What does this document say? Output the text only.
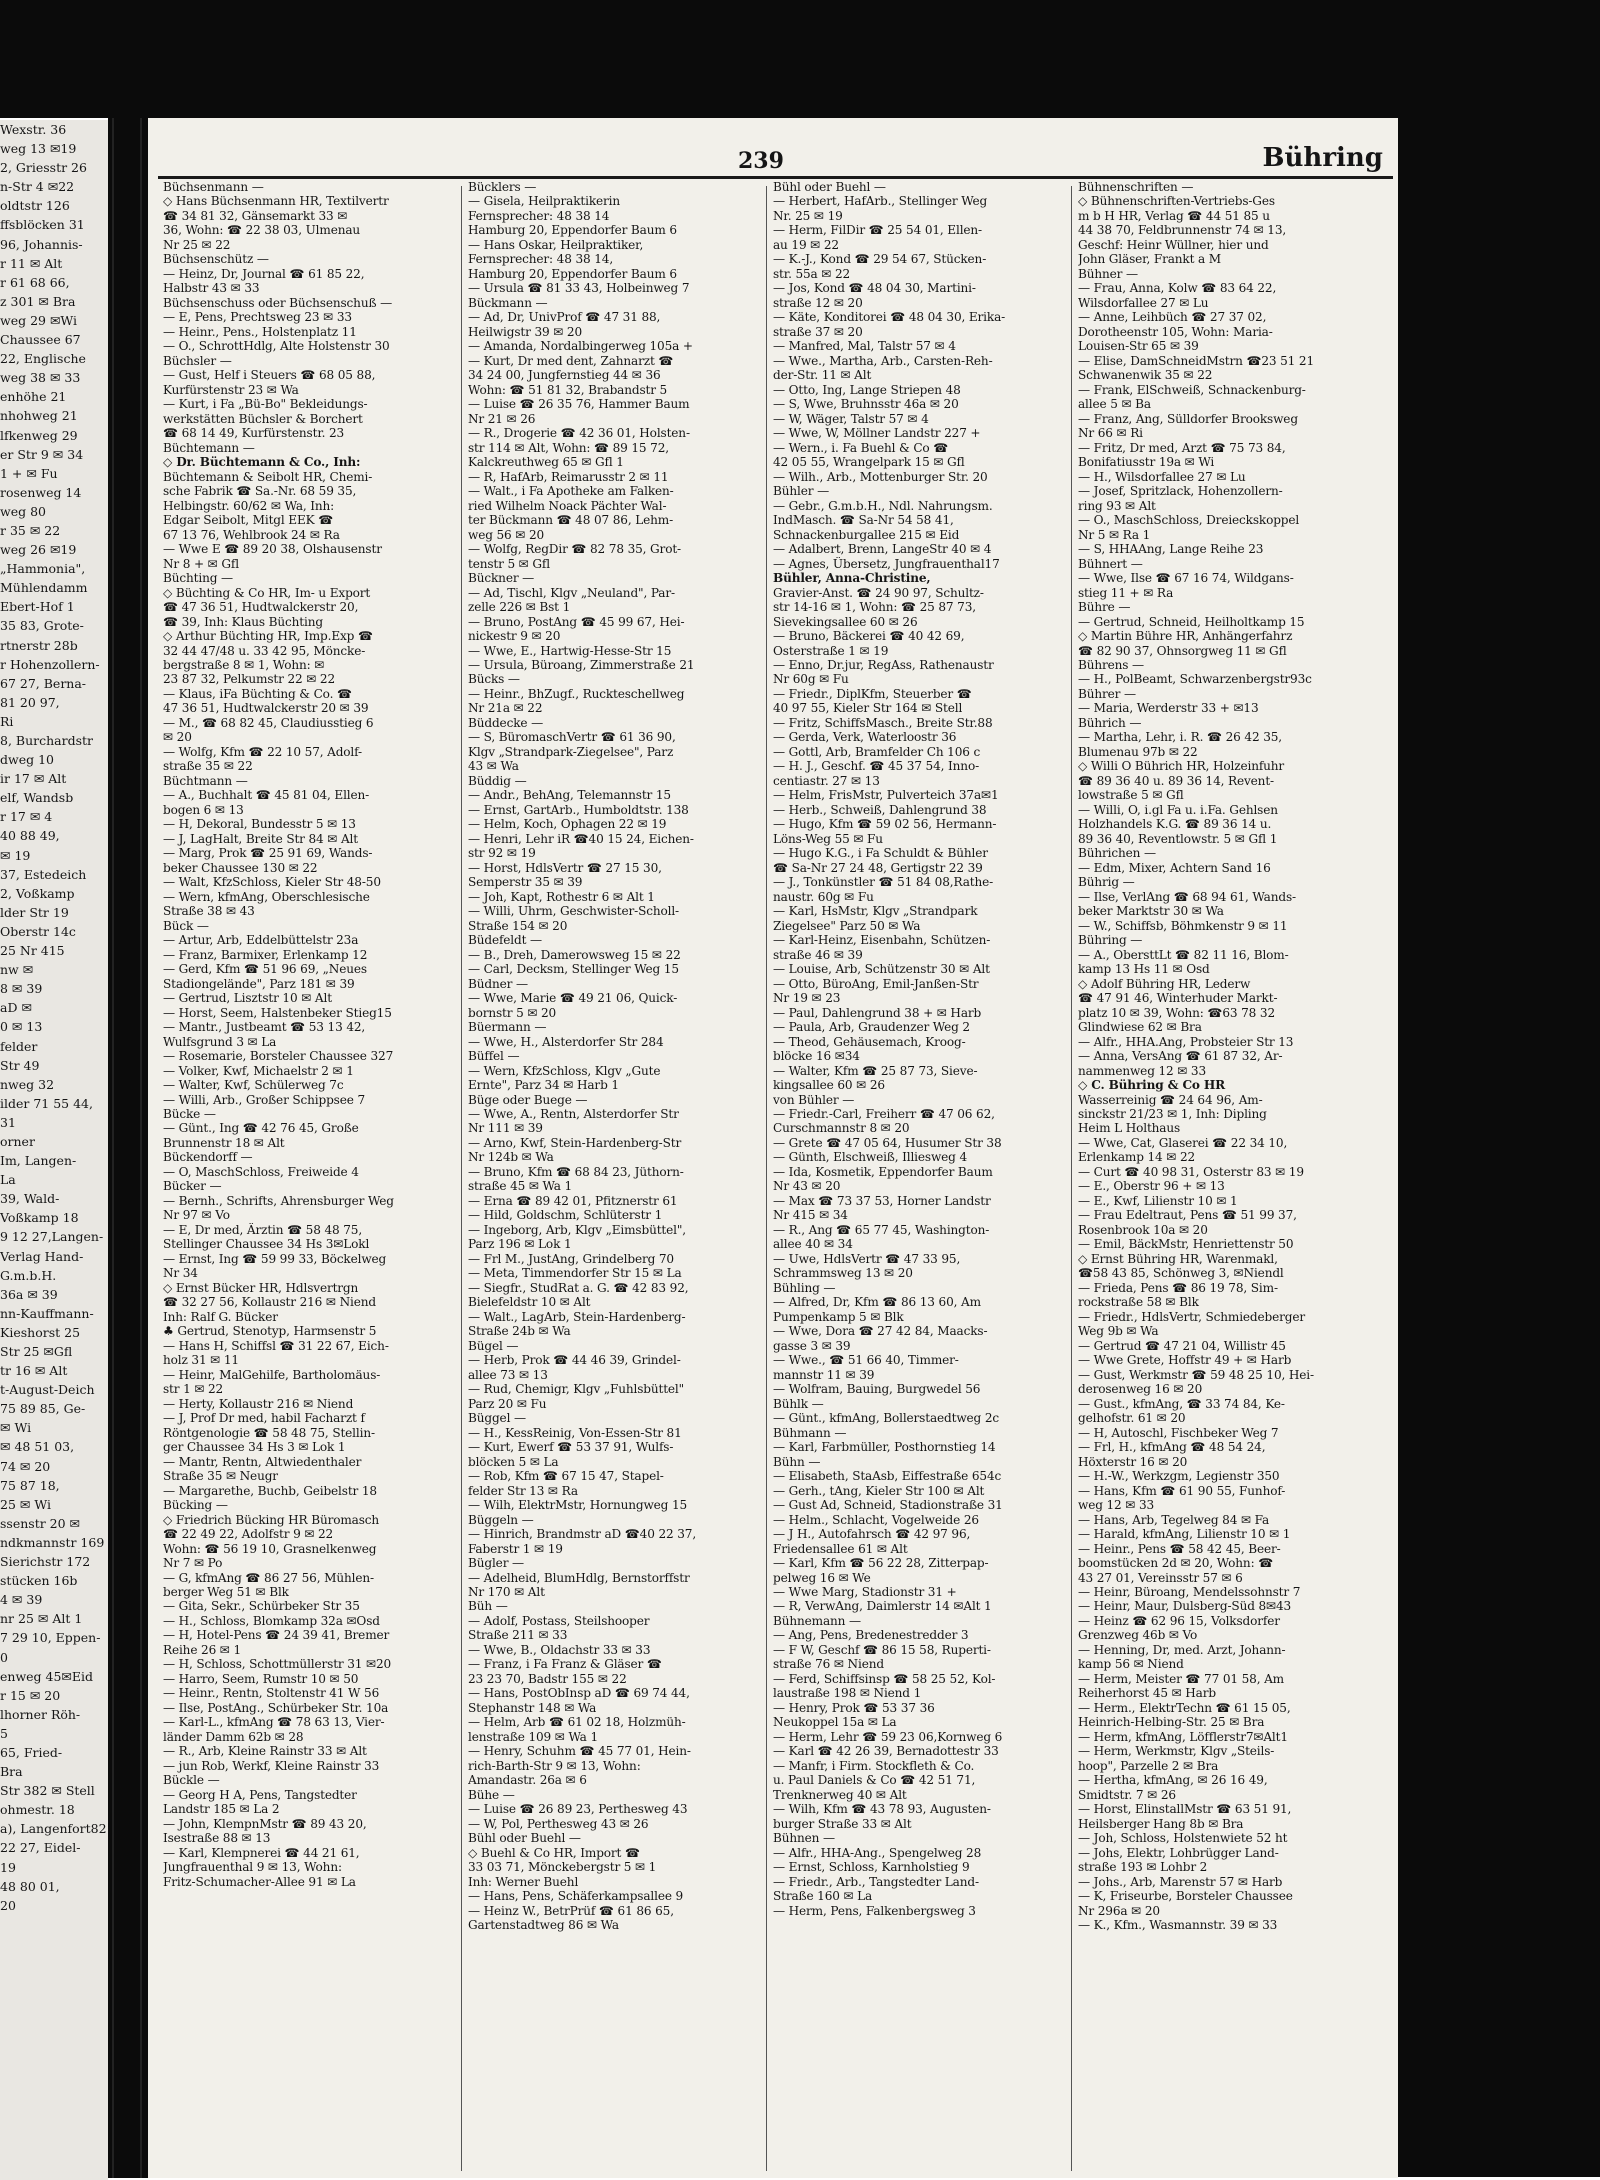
Wexstr. 36
weg 13 ✉19
2, Griesstr 26
n-Str 4 ✉22
oldtstr 126
ffsblöcken 31
96, Johannis-
r 11 ✉ Alt
r 61 68 66,
z 301 ✉ Bra
weg 29 ✉Wi
Chaussee 67
22, Englische
weg 38 ✉ 33
enhöhe 21
nhohweg 21
lfkenweg 29
er Str 9 ✉ 34
1 + ✉ Fu
rosenweg 14
weg 80
r 35 ✉ 22
weg 26 ✉19
„Hammonia",
Mühlendamm
Ebert-Hof 1
35 83, Grote-
rtnerstr 28b
r Hohenzollern-
67 27, Berna-
81 20 97,
Ri
8, Burchardstr
dweg 10
ir 17 ✉ Alt
elf, Wandsb
r 17 ✉ 4
40 88 49,
✉ 19
37, Estedeich
2, Voßkamp
lder Str 19
Oberstr 14c
25 Nr 415
nw ✉
8 ✉ 39
aD ✉
0 ✉ 13
felder
Str 49
nweg 32
ilder 71 55 44,
31
orner
Im, Langen-
La
39, Wald-
Voßkamp 18
9 12 27,Langen-
Verlag Hand-
G.m.b.H.
36a ✉ 39
nn-Kauffmann-
Kieshorst 25
Str 25 ✉Gfl
tr 16 ✉ Alt
t-August-Deich
75 89 85, Ge-
✉ Wi
✉ 48 51 03,
74 ✉ 20
75 87 18,
25 ✉ Wi
ssenstr 20 ✉
ndkmannstr 169
Sierichstr 172
stücken 16b
4 ✉ 39
nr 25 ✉ Alt 1
7 29 10, Eppen-
0
enweg 45✉Eid
r 15 ✉ 20
lhorner Röh-
5
65, Fried-
Bra
Str 382 ✉ Stell
ohmestr. 18
a), Langenfort82
22 27, Eidel-
19
48 80 01,
20
239	Bühring
Büchsenmann —
◇ Hans Büchsenmann HR, Textilvertr
☎ 34 81 32, Gänsemarkt 33 ✉
36, Wohn: ☎ 22 38 03, Ulmenau
Nr 25 ✉ 22
Büchsenschütz —
— Heinz, Dr, Journal ☎ 61 85 22,
Halbstr 43 ✉ 33
Büchsenschuss oder Büchsenschuß —
— E, Pens, Prechtsweg 23 ✉ 33
— Heinr., Pens., Holstenplatz 11
— O., SchrottHdlg, Alte Holstenstr 30
Büchsler —
— Gust, Helf i Steuers ☎ 68 05 88,
Kurfürstenstr 23 ✉ Wa
— Kurt, i Fa „Bü-Bo" Bekleidungs-
werkstätten Büchsler & Borchert
☎ 68 14 49, Kurfürstenstr. 23
Büchtemann —
◇ Dr. Büchtemann & Co., Inh:
Büchtemann & Seibolt HR, Chemi-
sche Fabrik ☎ Sa.-Nr. 68 59 35,
Helbingstr. 60/62 ✉ Wa, Inh:
Edgar Seibolt, Mitgl EEK ☎
67 13 76, Wehlbrook 24 ✉ Ra
— Wwe E ☎ 89 20 38, Olshausenstr
Nr 8 + ✉ Gfl
Büchting —
◇ Büchting & Co HR, Im- u Export
☎ 47 36 51, Hudtwalckerstr 20,
☎ 39, Inh: Klaus Büchting
◇ Arthur Büchting HR, Imp.Exp ☎
32 44 47/48 u. 33 42 95, Möncke-
bergstraße 8 ✉ 1, Wohn: ✉
23 87 32, Pelkumstr 22 ✉ 22
— Klaus, iFa Büchting & Co. ☎
47 36 51, Hudtwalckerstr 20 ✉ 39
— M., ☎ 68 82 45, Claudiusstieg 6
✉ 20
— Wolfg, Kfm ☎ 22 10 57, Adolf-
straße 35 ✉ 22
Büchtmann —
— A., Buchhalt ☎ 45 81 04, Ellen-
bogen 6 ✉ 13
— H, Dekoral, Bundesstr 5 ✉ 13
— J, LagHalt, Breite Str 84 ✉ Alt
— Marg, Prok ☎ 25 91 69, Wands-
beker Chaussee 130 ✉ 22
— Walt, KfzSchloss, Kieler Str 48-50
— Wern, kfmAng, Oberschlesische
Straße 38 ✉ 43
Bück —
— Artur, Arb, Eddelbüttelstr 23a
— Franz, Barmixer, Erlenkamp 12
— Gerd, Kfm ☎ 51 96 69, „Neues
Stadiongelände", Parz 181 ✉ 39
— Gertrud, Lisztstr 10 ✉ Alt
— Horst, Seem, Halstenbeker Stieg15
— Mantr., Justbeamt ☎ 53 13 42,
Wulfsgrund 3 ✉ La
— Rosemarie, Borsteler Chaussee 327
— Volker, Kwf, Michaelstr 2 ✉ 1
— Walter, Kwf, Schülerweg 7c
— Willi, Arb., Großer Schippsee 7
Bücke —
— Günt., Ing ☎ 42 76 45, Große
Brunnenstr 18 ✉ Alt
Bückendorff —
— O, MaschSchloss, Freiweide 4
Bücker —
— Bernh., Schrifts, Ahrensburger Weg
Nr 97 ✉ Vo
— E, Dr med, Ärztin ☎ 58 48 75,
Stellinger Chaussee 34 Hs 3✉Lokl
— Ernst, Ing ☎ 59 99 33, Böckelweg
Nr 34
◇ Ernst Bücker HR, Hdlsvertrgn
☎ 32 27 56, Kollaustr 216 ✉ Niend
Inh: Ralf G. Bücker
♣ Gertrud, Stenotyp, Harmsenstr 5
— Hans H, Schiffsl ☎ 31 22 67, Eich-
holz 31 ✉ 11
— Heinr, MalGehilfe, Bartholomäus-
str 1 ✉ 22
— Herty, Kollaustr 216 ✉ Niend
— J, Prof Dr med, habil Facharzt f
Röntgenologie ☎ 58 48 75, Stellin-
ger Chaussee 34 Hs 3 ✉ Lok 1
— Mantr, Rentn, Altwiedenthaler
Straße 35 ✉ Neugr
— Margarethe, Buchb, Geibelstr 18
Bücking —
◇ Friedrich Bücking HR Büromasch
☎ 22 49 22, Adolfstr 9 ✉ 22
Wohn: ☎ 56 19 10, Grasnelkenweg
Nr 7 ✉ Po
— G, kfmAng ☎ 86 27 56, Mühlen-
berger Weg 51 ✉ Blk
— Gita, Sekr., Schürbeker Str 35
— H., Schloss, Blomkamp 32a ✉Osd
— H, Hotel-Pens ☎ 24 39 41, Bremer
Reihe 26 ✉ 1
— H, Schloss, Schottmüllerstr 31 ✉20
— Harro, Seem, Rumstr 10 ✉ 50
— Heinr., Rentn, Stoltenstr 41 W 56
— Ilse, PostAng., Schürbeker Str. 10a
— Karl-L., kfmAng ☎ 78 63 13, Vier-
länder Damm 62b ✉ 28
— R., Arb, Kleine Rainstr 33 ✉ Alt
— jun Rob, Werkf, Kleine Rainstr 33
Bückle —
— Georg H A, Pens, Tangstedter
Landstr 185 ✉ La 2
— John, KlempnMstr ☎ 89 43 20,
Isestraße 88 ✉ 13
— Karl, Klempnerei ☎ 44 21 61,
Jungfrauenthal 9 ✉ 13, Wohn:
Fritz-Schumacher-Allee 91 ✉ La
Bücklers —
— Gisela, Heilpraktikerin
Fernsprecher: 48 38 14
Hamburg 20, Eppendorfer Baum 6
— Hans Oskar, Heilpraktiker,
Fernsprecher: 48 38 14,
Hamburg 20, Eppendorfer Baum 6
— Ursula ☎ 81 33 43, Holbeinweg 7
Bückmann —
— Ad, Dr, UnivProf ☎ 47 31 88,
Heilwigstr 39 ✉ 20
— Amanda, Nordalbingerweg 105a +
— Kurt, Dr med dent, Zahnarzt ☎
34 24 00, Jungfernstieg 44 ✉ 36
Wohn: ☎ 51 81 32, Brabandstr 5
— Luise ☎ 26 35 76, Hammer Baum
Nr 21 ✉ 26
— R., Drogerie ☎ 42 36 01, Holsten-
str 114 ✉ Alt, Wohn: ☎ 89 15 72,
Kalckreuthweg 65 ✉ Gfl 1
— R, HafArb, Reimarusstr 2 ✉ 11
— Walt., i Fa Apotheke am Falken-
ried Wilhelm Noack Pächter Wal-
ter Bückmann ☎ 48 07 86, Lehm-
weg 56 ✉ 20
— Wolfg, RegDir ☎ 82 78 35, Grot-
tenstr 5 ✉ Gfl
Bückner —
— Ad, Tischl, Klgv „Neuland", Par-
zelle 226 ✉ Bst 1
— Bruno, PostAng ☎ 45 99 67, Hei-
nickestr 9 ✉ 20
— Wwe, E., Hartwig-Hesse-Str 15
— Ursula, Büroang, Zimmerstraße 21
Bücks —
— Heinr., BhZugf., Ruckteschellweg
Nr 21a ✉ 22
Büddecke —
— S, BüromaschVertr ☎ 61 36 90,
Klgv „Strandpark-Ziegelsee", Parz
43 ✉ Wa
Büddig —
— Andr., BehAng, Telemannstr 15
— Ernst, GartArb., Humboldtstr. 138
— Helm, Koch, Ophagen 22 ✉ 19
— Henri, Lehr iR ☎40 15 24, Eichen-
str 92 ✉ 19
— Horst, HdlsVertr ☎ 27 15 30,
Semperstr 35 ✉ 39
— Joh, Kapt, Rothestr 6 ✉ Alt 1
— Willi, Uhrm, Geschwister-Scholl-
Straße 154 ✉ 20
Büdefeldt —
— B., Dreh, Damerowsweg 15 ✉ 22
— Carl, Decksm, Stellinger Weg 15
Büdner —
— Wwe, Marie ☎ 49 21 06, Quick-
bornstr 5 ✉ 20
Büermann —
— Wwe, H., Alsterdorfer Str 284
Büffel —
— Wern, KfzSchloss, Klgv „Gute
Ernte", Parz 34 ✉ Harb 1
Büge oder Buege —
— Wwe, A., Rentn, Alsterdorfer Str
Nr 111 ✉ 39
— Arno, Kwf, Stein-Hardenberg-Str
Nr 124b ✉ Wa
— Bruno, Kfm ☎ 68 84 23, Jüthorn-
straße 45 ✉ Wa 1
— Erna ☎ 89 42 01, Pfitznerstr 61
— Hild, Goldschm, Schlüterstr 1
— Ingeborg, Arb, Klgv „Eimsbüttel",
Parz 196 ✉ Lok 1
— Frl M., JustAng, Grindelberg 70
— Meta, Timmendorfer Str 15 ✉ La
— Siegfr., StudRat a. G. ☎ 42 83 92,
Bielefeldstr 10 ✉ Alt
— Walt., LagArb, Stein-Hardenberg-
Straße 24b ✉ Wa
Bügel —
— Herb, Prok ☎ 44 46 39, Grindel-
allee 73 ✉ 13
— Rud, Chemigr, Klgv „Fuhlsbüttel"
Parz 20 ✉ Fu
Büggel —
— H., KessReinig, Von-Essen-Str 81
— Kurt, Ewerf ☎ 53 37 91, Wulfs-
blöcken 5 ✉ La
— Rob, Kfm ☎ 67 15 47, Stapel-
felder Str 13 ✉ Ra
— Wilh, ElektrMstr, Hornungweg 15
Büggeln —
— Hinrich, Brandmstr aD ☎40 22 37,
Faberstr 1 ✉ 19
Bügler —
— Adelheid, BlumHdlg, Bernstorffstr
Nr 170 ✉ Alt
Büh —
— Adolf, Postass, Steilshooper
Straße 211 ✉ 33
— Wwe, B., Oldachstr 33 ✉ 33
— Franz, i Fa Franz & Gläser ☎
23 23 70, Badstr 155 ✉ 22
— Hans, PostObInsp aD ☎ 69 74 44,
Stephanstr 148 ✉ Wa
— Helm, Arb ☎ 61 02 18, Holzmüh-
lenstraße 109 ✉ Wa 1
— Henry, Schuhm ☎ 45 77 01, Hein-
rich-Barth-Str 9 ✉ 13, Wohn:
Amandastr. 26a ✉ 6
Bühe —
— Luise ☎ 26 89 23, Perthesweg 43
— W, Pol, Perthesweg 43 ✉ 26
Bühl oder Buehl —
◇ Buehl & Co HR, Import ☎
33 03 71, Mönckebergstr 5 ✉ 1
Inh: Werner Buehl
— Hans, Pens, Schäferkampsallee 9
— Heinz W., BetrPrüf ☎ 61 86 65,
Gartenstadtweg 86 ✉ Wa
Bühl oder Buehl —
— Herbert, HafArb., Stellinger Weg
Nr. 25 ✉ 19
— Herm, FilDir ☎ 25 54 01, Ellen-
au 19 ✉ 22
— K.-J., Kond ☎ 29 54 67, Stücken-
str. 55a ✉ 22
— Jos, Kond ☎ 48 04 30, Martini-
straße 12 ✉ 20
— Käte, Konditorei ☎ 48 04 30, Erika-
straße 37 ✉ 20
— Manfred, Mal, Talstr 57 ✉ 4
— Wwe., Martha, Arb., Carsten-Reh-
der-Str. 11 ✉ Alt
— Otto, Ing, Lange Striepen 48
— S, Wwe, Bruhnsstr 46a ✉ 20
— W, Wäger, Talstr 57 ✉ 4
— Wwe, W, Möllner Landstr 227 +
— Wern., i. Fa Buehl & Co ☎
42 05 55, Wrangelpark 15 ✉ Gfl
— Wilh., Arb., Mottenburger Str. 20
Bühler —
— Gebr., G.m.b.H., Ndl. Nahrungsm.
IndMasch. ☎ Sa-Nr 54 58 41,
Schnackenburgallee 215 ✉ Eid
— Adalbert, Brenn, LangeStr 40 ✉ 4
— Agnes, Übersetz, Jungfrauenthal17
Bühler, Anna-Christine,
Gravier-Anst. ☎ 24 90 97, Schultz-
str 14-16 ✉ 1, Wohn: ☎ 25 87 73,
Sievekingsallee 60 ✉ 26
— Bruno, Bäckerei ☎ 40 42 69,
Osterstraße 1 ✉ 19
— Enno, Dr.jur, RegAss, Rathenaustr
Nr 60g ✉ Fu
— Friedr., DiplKfm, Steuerber ☎
40 97 55, Kieler Str 164 ✉ Stell
— Fritz, SchiffsMasch., Breite Str.88
— Gerda, Verk, Waterloostr 36
— Gottl, Arb, Bramfelder Ch 106 c
— H. J., Geschf. ☎ 45 37 54, Inno-
centiastr. 27 ✉ 13
— Helm, FrisMstr, Pulverteich 37a✉1
— Herb., Schweiß, Dahlengrund 38
— Hugo, Kfm ☎ 59 02 56, Hermann-
Löns-Weg 55 ✉ Fu
— Hugo K.G., i Fa Schuldt & Bühler
☎ Sa-Nr 27 24 48, Gertigstr 22 39
— J., Tonkünstler ☎ 51 84 08,Rathe-
naustr. 60g ✉ Fu
— Karl, HsMstr, Klgv „Strandpark
Ziegelsee" Parz 50 ✉ Wa
— Karl-Heinz, Eisenbahn, Schützen-
straße 46 ✉ 39
— Louise, Arb, Schützenstr 30 ✉ Alt
— Otto, BüroAng, Emil-Janßen-Str
Nr 19 ✉ 23
— Paul, Dahlengrund 38 + ✉ Harb
— Paula, Arb, Graudenzer Weg 2
— Theod, Gehäusemach, Kroog-
blöcke 16 ✉34
— Walter, Kfm ☎ 25 87 73, Sieve-
kingsallee 60 ✉ 26
von Bühler —
— Friedr.-Carl, Freiherr ☎ 47 06 62,
Curschmannstr 8 ✉ 20
— Grete ☎ 47 05 64, Husumer Str 38
— Günth, Elschweiß, Illiesweg 4
— Ida, Kosmetik, Eppendorfer Baum
Nr 43 ✉ 20
— Max ☎ 73 37 53, Horner Landstr
Nr 415 ✉ 34
— R., Ang ☎ 65 77 45, Washington-
allee 40 ✉ 34
— Uwe, HdlsVertr ☎ 47 33 95,
Schrammsweg 13 ✉ 20
Bühling —
— Alfred, Dr, Kfm ☎ 86 13 60, Am
Pumpenkamp 5 ✉ Blk
— Wwe, Dora ☎ 27 42 84, Maacks-
gasse 3 ✉ 39
— Wwe., ☎ 51 66 40, Timmer-
mannstr 11 ✉ 39
— Wolfram, Bauing, Burgwedel 56
Bühlk —
— Günt., kfmAng, Bollerstaedtweg 2c
Bühmann —
— Karl, Farbmüller, Posthornstieg 14
Bühn —
— Elisabeth, StaAsb, Eiffestraße 654c
— Gerh., tAng, Kieler Str 100 ✉ Alt
— Gust Ad, Schneid, Stadionstraße 31
— Helm., Schlacht, Vogelweide 26
— J H., Autofahrsch ☎ 42 97 96,
Friedensallee 61 ✉ Alt
— Karl, Kfm ☎ 56 22 28, Zitterpap-
pelweg 16 ✉ We
— Wwe Marg, Stadionstr 31 +
— R, VerwAng, Daimlerstr 14 ✉Alt 1
Bühnemann —
— Ang, Pens, Bredenestredder 3
— F W, Geschf ☎ 86 15 58, Ruperti-
straße 76 ✉ Niend
— Ferd, Schiffsinsp ☎ 58 25 52, Kol-
laustraße 198 ✉ Niend 1
— Henry, Prok ☎ 53 37 36
Neukoppel 15a ✉ La
— Herm, Lehr ☎ 59 23 06,Kornweg 6
— Karl ☎ 42 26 39, Bernadottestr 33
— Manfr, i Firm. Stockfleth & Co.
u. Paul Daniels & Co ☎ 42 51 71,
Trenknerweg 40 ✉ Alt
— Wilh, Kfm ☎ 43 78 93, Augusten-
burger Straße 33 ✉ Alt
Bühnen —
— Alfr., HHA-Ang., Spengelweg 28
— Ernst, Schloss, Karnholstieg 9
— Friedr., Arb., Tangstedter Land-
Straße 160 ✉ La
— Herm, Pens, Falkenbergsweg 3
Bühnenschriften —
◇ Bühnenschriften-Vertriebs-Ges
m b H HR, Verlag ☎ 44 51 85 u
44 38 70, Feldbrunnenstr 74 ✉ 13,
Geschf: Heinr Wüllner, hier und
John Gläser, Frankt a M
Bühner —
— Frau, Anna, Kolw ☎ 83 64 22,
Wilsdorfallee 27 ✉ Lu
— Anne, Leihbüch ☎ 27 37 02,
Dorotheenstr 105, Wohn: Maria-
Louisen-Str 65 ✉ 39
— Elise, DamSchneidMstrn ☎23 51 21
Schwanenwik 35 ✉ 22
— Frank, ElSchweiß, Schnackenburg-
allee 5 ✉ Ba
— Franz, Ang, Sülldorfer Brooksweg
Nr 66 ✉ Ri
— Fritz, Dr med, Arzt ☎ 75 73 84,
Bonifatiusstr 19a ✉ Wi
— H., Wilsdorfallee 27 ✉ Lu
— Josef, Spritzlack, Hohenzollern-
ring 93 ✉ Alt
— O., MaschSchloss, Dreieckskoppel
Nr 5 ✉ Ra 1
— S, HHAAng, Lange Reihe 23
Bühnert —
— Wwe, Ilse ☎ 67 16 74, Wildgans-
stieg 11 + ✉ Ra
Bühre —
— Gertrud, Schneid, Heilholtkamp 15
◇ Martin Bühre HR, Anhängerfahrz
☎ 82 90 37, Ohnsorgweg 11 ✉ Gfl
Bührens —
— H., PolBeamt, Schwarzenbergstr93c
Bührer —
— Maria, Werderstr 33 + ✉13
Bührich —
— Martha, Lehr, i. R. ☎ 26 42 35,
Blumenau 97b ✉ 22
◇ Willi O Bührich HR, Holzeinfuhr
☎ 89 36 40 u. 89 36 14, Revent-
lowstraße 5 ✉ Gfl
— Willi, O, i.gl Fa u. i.Fa. Gehlsen
Holzhandels K.G. ☎ 89 36 14 u.
89 36 40, Reventlowstr. 5 ✉ Gfl 1
Bührichen —
— Edm, Mixer, Achtern Sand 16
Bührig —
— Ilse, VerlAng ☎ 68 94 61, Wands-
beker Marktstr 30 ✉ Wa
— W., Schiffsb, Böhmkenstr 9 ✉ 11
Bühring —
— A., ObersttLt ☎ 82 11 16, Blom-
kamp 13 Hs 11 ✉ Osd
◇ Adolf Bühring HR, Lederw
☎ 47 91 46, Winterhuder Markt-
platz 10 ✉ 39, Wohn: ☎63 78 32
Glindwiese 62 ✉ Bra
— Alfr., HHA.Ang, Probsteier Str 13
— Anna, VersAng ☎ 61 87 32, Ar-
nammenweg 12 ✉ 33
◇ C. Bühring & Co HR
Wasserreinig ☎ 24 64 96, Am-
sinckstr 21/23 ✉ 1, Inh: Dipling
Heim L Holthaus
— Wwe, Cat, Glaserei ☎ 22 34 10,
Erlenkamp 14 ✉ 22
— Curt ☎ 40 98 31, Osterstr 83 ✉ 19
— E., Oberstr 96 + ✉ 13
— E., Kwf, Lilienstr 10 ✉ 1
— Frau Edeltraut, Pens ☎ 51 99 37,
Rosenbrook 10a ✉ 20
— Emil, BäckMstr, Henriettenstr 50
◇ Ernst Bühring HR, Warenmakl,
☎58 43 85, Schönweg 3, ✉Niendl
— Frieda, Pens ☎ 86 19 78, Sim-
rockstraße 58 ✉ Blk
— Friedr., HdlsVertr, Schmiedeberger
Weg 9b ✉ Wa
— Gertrud ☎ 47 21 04, Willistr 45
— Wwe Grete, Hoffstr 49 + ✉ Harb
— Gust, Werkmstr ☎ 59 48 25 10, Hei-
derosenweg 16 ✉ 20
— Gust., kfmAng, ☎ 33 74 84, Ke-
gelhofstr. 61 ✉ 20
— H, Autoschl, Fischbeker Weg 7
— Frl, H., kfmAng ☎ 48 54 24,
Höxterstr 16 ✉ 20
— H.-W., Werkzgm, Legienstr 350
— Hans, Kfm ☎ 61 90 55, Funhof-
weg 12 ✉ 33
— Hans, Arb, Tegelweg 84 ✉ Fa
— Harald, kfmAng, Lilienstr 10 ✉ 1
— Heinr., Pens ☎ 58 42 45, Beer-
boomstücken 2d ✉ 20, Wohn: ☎
43 27 01, Vereinsstr 57 ✉ 6
— Heinr, Büroang, Mendelssohnstr 7
— Heinr, Maur, Dulsberg-Süd 8✉43
— Heinz ☎ 62 96 15, Volksdorfer
Grenzweg 46b ✉ Vo
— Henning, Dr, med. Arzt, Johann-
kamp 56 ✉ Niend
— Herm, Meister ☎ 77 01 58, Am
Reiherhorst 45 ✉ Harb
— Herm., ElektrTechn ☎ 61 15 05,
Heinrich-Helbing-Str. 25 ✉ Bra
— Herm, kfmAng, Löfflerstr7✉Alt1
— Herm, Werkmstr, Klgv „Steils-
hoop", Parzelle 2 ✉ Bra
— Hertha, kfmAng, ✉ 26 16 49,
Smidtstr. 7 ✉ 26
— Horst, ElinstallMstr ☎ 63 51 91,
Heilsberger Hang 8b ✉ Bra
— Joh, Schloss, Holstenwiete 52 ht
— Johs, Elektr, Lohbrügger Land-
straße 193 ✉ Lohbr 2
— Johs., Arb, Marenstr 57 ✉ Harb
— K, Friseurbe, Borsteler Chaussee
Nr 296a ✉ 20
— K., Kfm., Wasmannstr. 39 ✉ 33
